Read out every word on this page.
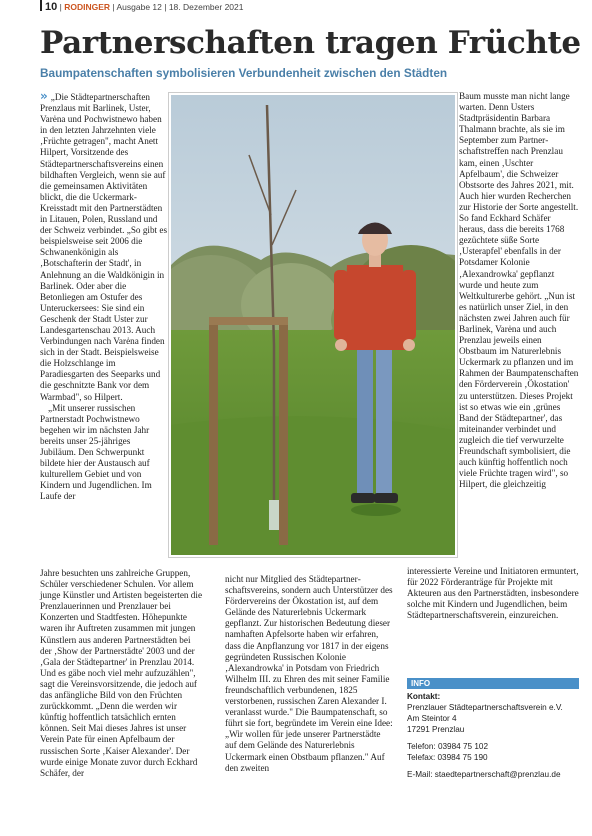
10 | RODINGER | Ausgabe 12 | 18. Dezember 2021
Partnerschaften tragen Früchte
Baumpatenschaften symbolisieren Verbundenheit zwischen den Städten

» „Die Städtepartnerschaften Prenzlaus mit Barlinek, Uster, Varėna und Pochwistnewo haben in den letzten Jahrzehnten viele ‚Früchte getragen", macht Anett Hilpert, Vorsitzende des Städtepartnerschaftsvereins einen bildhaften Vergleich, wenn sie auf die gemeinsamen Aktivitäten blickt, die die Uckermark-Kreisstadt mit den Partnerstädten in Litauen, Polen, Russland und der Schweiz verbindet. „So gibt es beispielsweise seit 2006 die Schwanenkönigin als ‚Botschafterin der Stadt', in Anlehnung an die Waldkönigin in Barlinek. Oder aber die Betonliegen am Ostufer des Unteruckersees: Sie sind ein Geschenk der Stadt Uster zur Landesgartenschau 2013. Auch Verbindungen nach Varėna finden sich in der Stadt. Beispielsweise die Holzschlange im Paradiesgarten des Seeparks und die geschnitzte Bank vor dem Warmbad", so Hilpert.

„Mit unserer russischen Partnerstadt Pochwistnewo begehen wir im nächsten Jahr bereits unser 25-jähriges Jubiläum. Den Schwerpunkt bildete hier der Austausch auf kulturellem Gebiet und von Kindern und Jugendlichen. Im Laufe der

Jahre besuchten uns zahlreiche Gruppen, Schüler verschiedener Schulen. Vor allem junge Künstler und Artisten begeisterten die Prenzlauerinnen und Prenzlauer bei Konzerten und Stadtfesten. Höhepunkte waren ihr Auftreten zusammen mit jungen Künstlern aus anderen Partnerstädten bei der ‚Show der Partnerstädte' 2003 und der ‚Gala der Städtepartner' in Prenzlau 2014. Und es gäbe noch viel mehr aufzuzählen", sagt die Vereinsvorsitzende, die jedoch auf das anfängliche Bild von den Früchten zurückkommt. „Denn die werden wir künftig hoffentlich tatsächlich ernten können. Seit Mai dieses Jahres ist unser Verein Pate für einen Apfelbaum der russischen Sorte ‚Kaiser Alexander'. Der wurde einige Monate zuvor durch Eckhard Schäfer, der

nicht nur Mitglied des Städtepartnerschaftsvereins, sondern auch Unterstützer des Fördervereins der Ökostation ist, auf dem Gelände des Naturerlebnis Uckermark gepflanzt. Zur historischen Bedeutung dieser namhaften Apfelsorte haben wir erfahren, dass die Anpflanzung vor 1817 in der eigens gegründeten Russischen Kolonie ‚Alexandrowka' in Potsdam von Friedrich Wilhelm III. zu Ehren des mit seiner Familie freundschaftlich verbundenen, 1825 verstorbenen, russischen Zaren Alexander I. veranlasst wurde." Die Baumpatenschaft, so führt sie fort, begründete im Verein eine Idee: „Wir wollen für jede unserer Partnerstädte auf dem Gelände des Naturerlebnis Uckermark einen Obstbaum pflanzen." Auf den zweiten

Baum musste man nicht lange warten. Denn Usters Stadtpräsidentin Barbara Thalmann brachte, als sie im September zum Partnerschaftstreffen nach Prenzlau kam, einen ‚Uschter Apfelbaum', die Schweizer Obstsorte des Jahres 2021, mit. Auch hier wurden Recherchen zur Historie der Sorte angestellt. So fand Eckhard Schäfer heraus, dass die bereits 1768 gezüchtete süße Sorte ‚Usterapfel' ebenfalls in der Potsdamer Kolonie ‚Alexandrowka' gepflanzt wurde und heute zum Weltkulturerbe gehört. „Nun ist es natürlich unser Ziel, in den nächsten zwei Jahren auch für Barlinek, Varėna und auch Prenzlau jeweils einen Obstbaum im Naturerlebnis Uckermark zu pflanzen und im Rahmen der Baumpatenschaften den Förderverein ‚Ökostation' zu unterstützen. Dieses Projekt ist so etwas wie ein ‚grünes Band der Städtepartner', das miteinander verbindet und zugleich die tief verwurzelte Freundschaft symbolisiert, die auch künftig hoffentlich noch viele Früchte tragen wird", so Hilpert, die gleichzeitig

interessierte Vereine und Initiatoren ermuntert, für 2022 Förderanträge für Projekte mit Akteuren aus den Partnerstädten, insbesondere solche mit Kindern und Jugendlichen, beim Städtepartnerschaftsverein, einzureichen.

INFO
Kontakt:
Prenzlauer Städtepartnerschaftsverein e.V.
Am Steintor 4
17291 Prenzlau
Telefon: 03984 75 102
Telefax: 03984 75 190
E-Mail: staedtepartnerschaft@prenzlau.de
